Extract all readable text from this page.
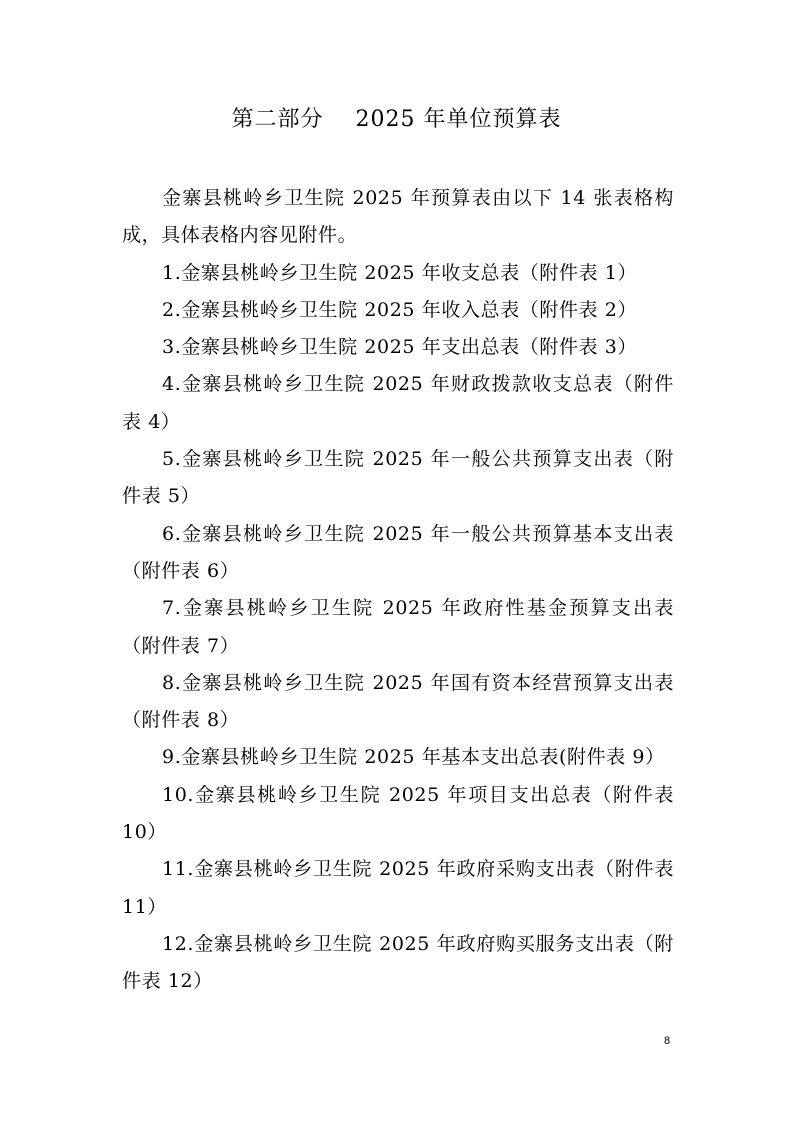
第二部分    2025 年单位预算表

金寨县桃岭乡卫生院 2025 年预算表由以下 14 张表格构成，具体表格内容见附件。

1.金寨县桃岭乡卫生院 2025 年收支总表（附件表 1）

2.金寨县桃岭乡卫生院 2025 年收入总表（附件表 2）

3.金寨县桃岭乡卫生院 2025 年支出总表（附件表 3）

4.金寨县桃岭乡卫生院 2025 年财政拨款收支总表（附件表 4）

5.金寨县桃岭乡卫生院 2025 年一般公共预算支出表（附件表 5）

6.金寨县桃岭乡卫生院 2025 年一般公共预算基本支出表（附件表 6）

7.金寨县桃岭乡卫生院 2025 年政府性基金预算支出表（附件表 7）

8.金寨县桃岭乡卫生院 2025 年国有资本经营预算支出表（附件表 8）

9.金寨县桃岭乡卫生院 2025 年基本支出总表(附件表 9）

10.金寨县桃岭乡卫生院 2025 年项目支出总表（附件表 10）

11.金寨县桃岭乡卫生院 2025 年政府采购支出表（附件表 11）

12.金寨县桃岭乡卫生院 2025 年政府购买服务支出表（附件表 12）

8
